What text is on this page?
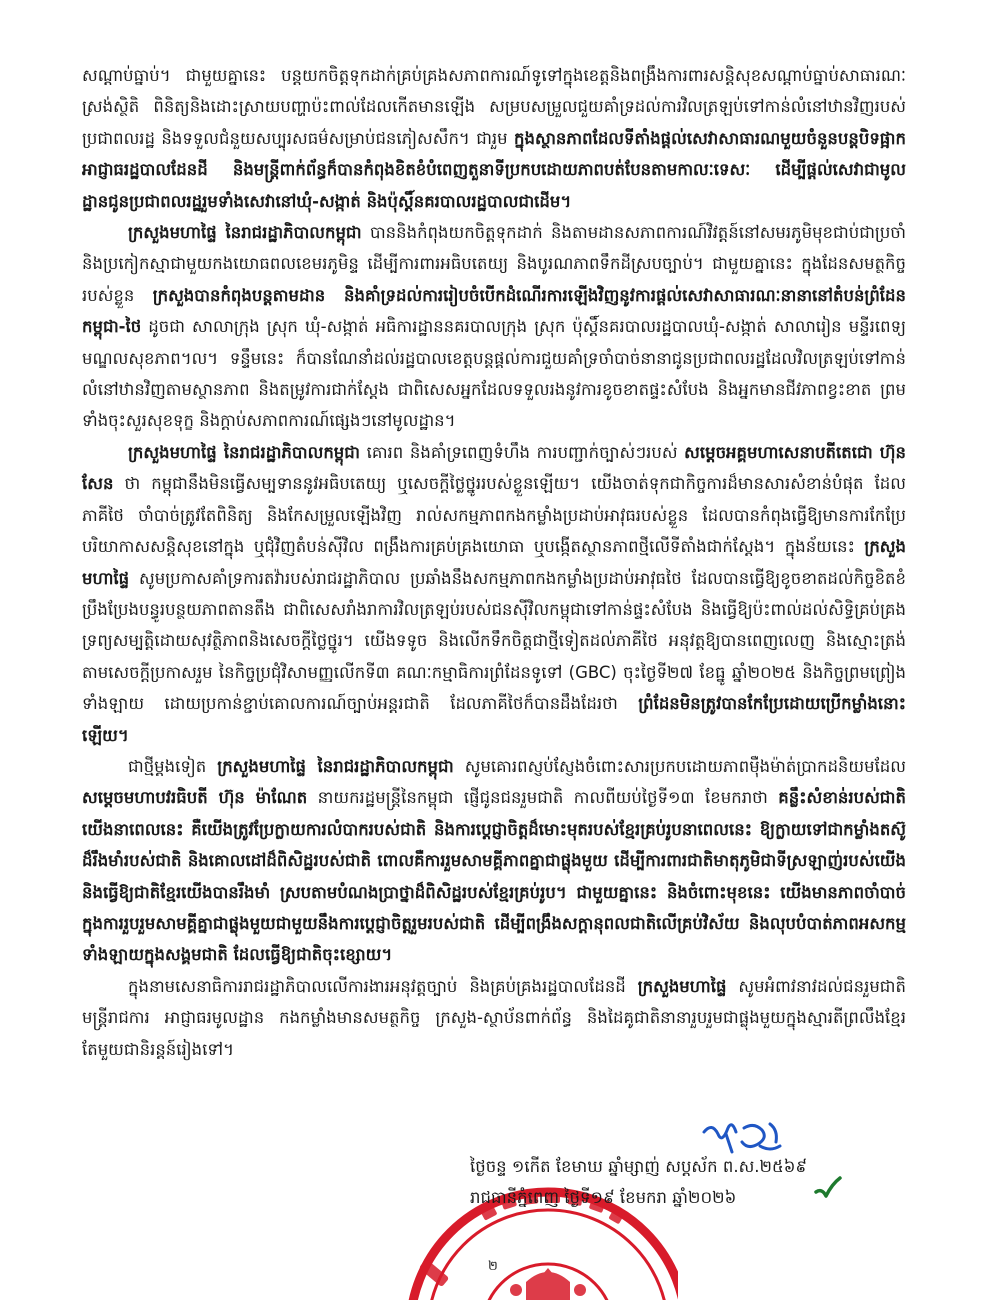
សណ្ដាប់ធ្នាប់។ ជាមួយគ្នានេះ បន្តយកចិត្តទុកដាក់គ្រប់គ្រងសភាពការណ៍ទូទៅក្នុងខេត្តនិងពង្រឹងការពារសន្តិសុខសណ្ដាប់ធ្នាប់សាធារណៈ ស្រង់ស្ថិតិ ពិនិត្យនិងដោះស្រាយបញ្ហាប៉ះពាល់ដែលកើតមានឡើង សម្របសម្រួលជួយគាំទ្រដល់ការវិលត្រឡប់ទៅកាន់លំនៅឋានវិញរបស់ប្រជាពលរដ្ឋ និងទទួលជំនួយសប្បុរសធម៌សម្រាប់ជនភៀសសឹក។ ជារួម ក្នុងស្ថានភាពដែលទីតាំងផ្ដល់សេវាសាធារណមួយចំនួនបន្តបិទផ្អាក អាជ្ញាធរដ្ឋបាលដែនដី និងមន្ត្រីពាក់ព័ន្ធក៏បានកំពុងខិតខំបំពេញតួនាទីប្រកបដោយភាពបត់បែនតាមកាលៈទេសៈ ដើម្បីផ្ដល់សេវាជាមូលដ្ឋានជូនប្រជាពលរដ្ឋរួមទាំងសេវានៅឃុំ-សង្កាត់ និងប៉ុស្តិ៍នគរបាលរដ្ឋបាលជាដើម។

ក្រសួងមហាផ្ទៃ នៃរាជរដ្ឋាភិបាលកម្ពុជា បាននិងកំពុងយកចិត្តទុកដាក់ និងតាមដានសភាពការណ៍វិវត្តន៍នៅសមរភូមិមុខជាប់ជាប្រចាំ និងប្រកៀកស្មាជាមួយកងយោធពលខេមរភូមិន្ទ ដើម្បីការពារអធិបតេយ្យ និងបូរណភាពទឹកដីស្របច្បាប់។ ជាមួយគ្នានេះ ក្នុងដែនសមត្ថកិច្ចរបស់ខ្លួន ក្រសួងបានកំពុងបន្តតាមដាន និងគាំទ្រដល់ការរៀបចំបើកដំណើរការឡើងវិញនូវការផ្ដល់សេវាសាធារណៈនានានៅតំបន់ព្រំដែនកម្ពុជា-ថៃ ដូចជា សាលាក្រុង ស្រុក ឃុំ-សង្កាត់ អធិការដ្ឋាននគរបាលក្រុង ស្រុក ប៉ុស្តិ៍នគរបាលរដ្ឋបាលឃុំ-សង្កាត់ សាលារៀន មន្ទីរពេទ្យ មណ្ឌលសុខភាព។ល។ ទន្ទឹមនេះ ក៏បានណែនាំដល់រដ្ឋបាលខេត្តបន្តផ្ដល់ការជួយគាំទ្រចាំបាច់នានាជូនប្រជាពលរដ្ឋដែលវិលត្រឡប់ទៅកាន់លំនៅឋានវិញតាមស្ថានភាព និងតម្រូវការជាក់ស្ដែង ជាពិសេសអ្នកដែលទទួលរងនូវការខូចខាតផ្ទះសំបែង និងអ្នកមានជីវភាពខ្វះខាត ព្រមទាំងចុះសួរសុខទុក្ខ និងក្ដាប់សភាពការណ៍ផ្សេងៗនៅមូលដ្ឋាន។

ក្រសួងមហាផ្ទៃ នៃរាជរដ្ឋាភិបាលកម្ពុជា គោរព និងគាំទ្រពេញទំហឹង ការបញ្ជាក់ច្បាស់ៗរបស់ សម្ដេចអគ្គមហាសេនាបតីតេជោ ហ៊ុន សែន ថា កម្ពុជានឹងមិនធ្វើសម្បទាននូវអធិបតេយ្យ ឬសេចក្ដីថ្លៃថ្នូររបស់ខ្លួនឡើយ។ យើងចាត់ទុកជាកិច្ចការដ៏មានសារសំខាន់បំផុត ដែលភាគីថៃ ចាំបាច់ត្រូវតែពិនិត្យ និងកែសម្រួលឡើងវិញ រាល់សកម្មភាពកងកម្លាំងប្រដាប់អាវុធរបស់ខ្លួន ដែលបានកំពុងធ្វើឱ្យមានការកែប្រែបរិយាកាសសន្តិសុខនៅក្នុង ឬជុំវិញតំបន់ស៊ីវិល ពង្រឹងការគ្រប់គ្រងយោធា ឬបង្កើតស្ថានភាពថ្មីលើទីតាំងជាក់ស្ដែង។ ក្នុងន័យនេះ ក្រសួងមហាផ្ទៃ សូមប្រកាសគាំទ្រការតវ៉ារបស់រាជរដ្ឋាភិបាល ប្រឆាំងនឹងសកម្មភាពកងកម្លាំងប្រដាប់អាវុធថៃ ដែលបានធ្វើឱ្យខូចខាតដល់កិច្ចខិតខំប្រឹងប្រែងបន្ធូរបន្ថយភាពតានតឹង ជាពិសេសរាំងរាការវិលត្រឡប់របស់ជនស៊ីវិលកម្ពុជាទៅកាន់ផ្ទះសំបែង និងធ្វើឱ្យប៉ះពាល់ដល់សិទ្ធិគ្រប់គ្រងទ្រព្យសម្បត្តិដោយសុវត្ថិភាពនិងសេចក្ដីថ្លៃថ្នូរ។ យើងទទូច និងលើកទឹកចិត្តជាថ្មីទៀតដល់ភាគីថៃ អនុវត្តឱ្យបានពេញលេញ និងស្មោះត្រង់ តាមសេចក្ដីប្រកាសរួម នៃកិច្ចប្រជុំវិសាមញ្ញលើកទី៣ គណៈកម្មាធិការព្រំដែនទូទៅ (GBC) ចុះថ្ងៃទី២៧ ខែធ្នូ ឆ្នាំ២០២៥ និងកិច្ចព្រមព្រៀងទាំងឡាយ ដោយប្រកាន់ខ្ជាប់គោលការណ៍ច្បាប់អន្តរជាតិ ដែលភាគីថៃក៏បានដឹងដែរថា ព្រំដែនមិនត្រូវបានកែប្រែដោយប្រើកម្លាំងនោះឡើយ។

ជាថ្មីម្ដងទៀត ក្រសួងមហាផ្ទៃ នៃរាជរដ្ឋាភិបាលកម្ពុជា សូមគោរពស្ញប់ស្ញែងចំពោះសារប្រកបដោយភាពម៉ឺងម៉ាត់ប្រាកដនិយមដែល សម្ដេចមហាបវរធិបតី ហ៊ុន ម៉ាណែត នាយករដ្ឋមន្ត្រីនៃកម្ពុជា ផ្ញើជូនជនរួមជាតិ កាលពីយប់ថ្ងៃទី១៣ ខែមករាថា គន្លឹះសំខាន់របស់ជាតិយើងនាពេលនេះ គឺយើងត្រូវប្រែក្លាយការលំបាករបស់ជាតិ និងការប្ដេជ្ញាចិត្តដ៏មោះមុតរបស់ខ្មែរគ្រប់រូបនាពេលនេះ ឱ្យក្លាយទៅជាកម្លាំងតស៊ូដ៏រឹងមាំរបស់ជាតិ និងគោលដៅដ៏ពិសិដ្ឋរបស់ជាតិ ពោលគឺការរួមសាមគ្គីភាពគ្នាជាផ្លុងមួយ ដើម្បីការពារជាតិមាតុភូមិជាទីស្រឡាញ់របស់យើង និងធ្វើឱ្យជាតិខ្មែរយើងបានរឹងមាំ ស្របតាមបំណងប្រាថ្នាដ៏ពិសិដ្ឋរបស់ខ្មែរគ្រប់រូប។ ជាមួយគ្នានេះ និងចំពោះមុខនេះ យើងមានភាពចាំបាច់ក្នុងការរួបរួមសាមគ្គីគ្នាជាផ្លុងមួយជាមួយនឹងការប្ដេជ្ញាចិត្តរួមរបស់ជាតិ ដើម្បីពង្រឹងសក្ដានុពលជាតិលើគ្រប់វិស័យ និងលុបបំបាត់ភាពអសកម្មទាំងឡាយក្នុងសង្គមជាតិ ដែលធ្វើឱ្យជាតិចុះខ្សោយ។

ក្នុងនាមសេនាធិការរាជរដ្ឋាភិបាលលើការងារអនុវត្តច្បាប់ និងគ្រប់គ្រងរដ្ឋបាលដែនដី ក្រសួងមហាផ្ទៃ សូមអំពាវនាវដល់ជនរួមជាតិ មន្ត្រីរាជការ អាជ្ញាធរមូលដ្ឋាន កងកម្លាំងមានសមត្ថកិច្ច ក្រសួង-ស្ថាប័នពាក់ព័ន្ធ និងដៃគូជាតិនានារួបរួមជាផ្លុងមួយក្នុងស្មារតីព្រលឹងខ្មែរតែមួយជានិរន្តន៍រៀងទៅ។

ថ្ងៃចន្ទ ១កើត ខែមាឃ ឆ្នាំម្សាញ់ សប្តស័ក ព.ស.២៥៦៩
រាជធានីភ្នំពេញ ថ្ងៃទី១៩ ខែមករា ឆ្នាំ២០២៦
២
